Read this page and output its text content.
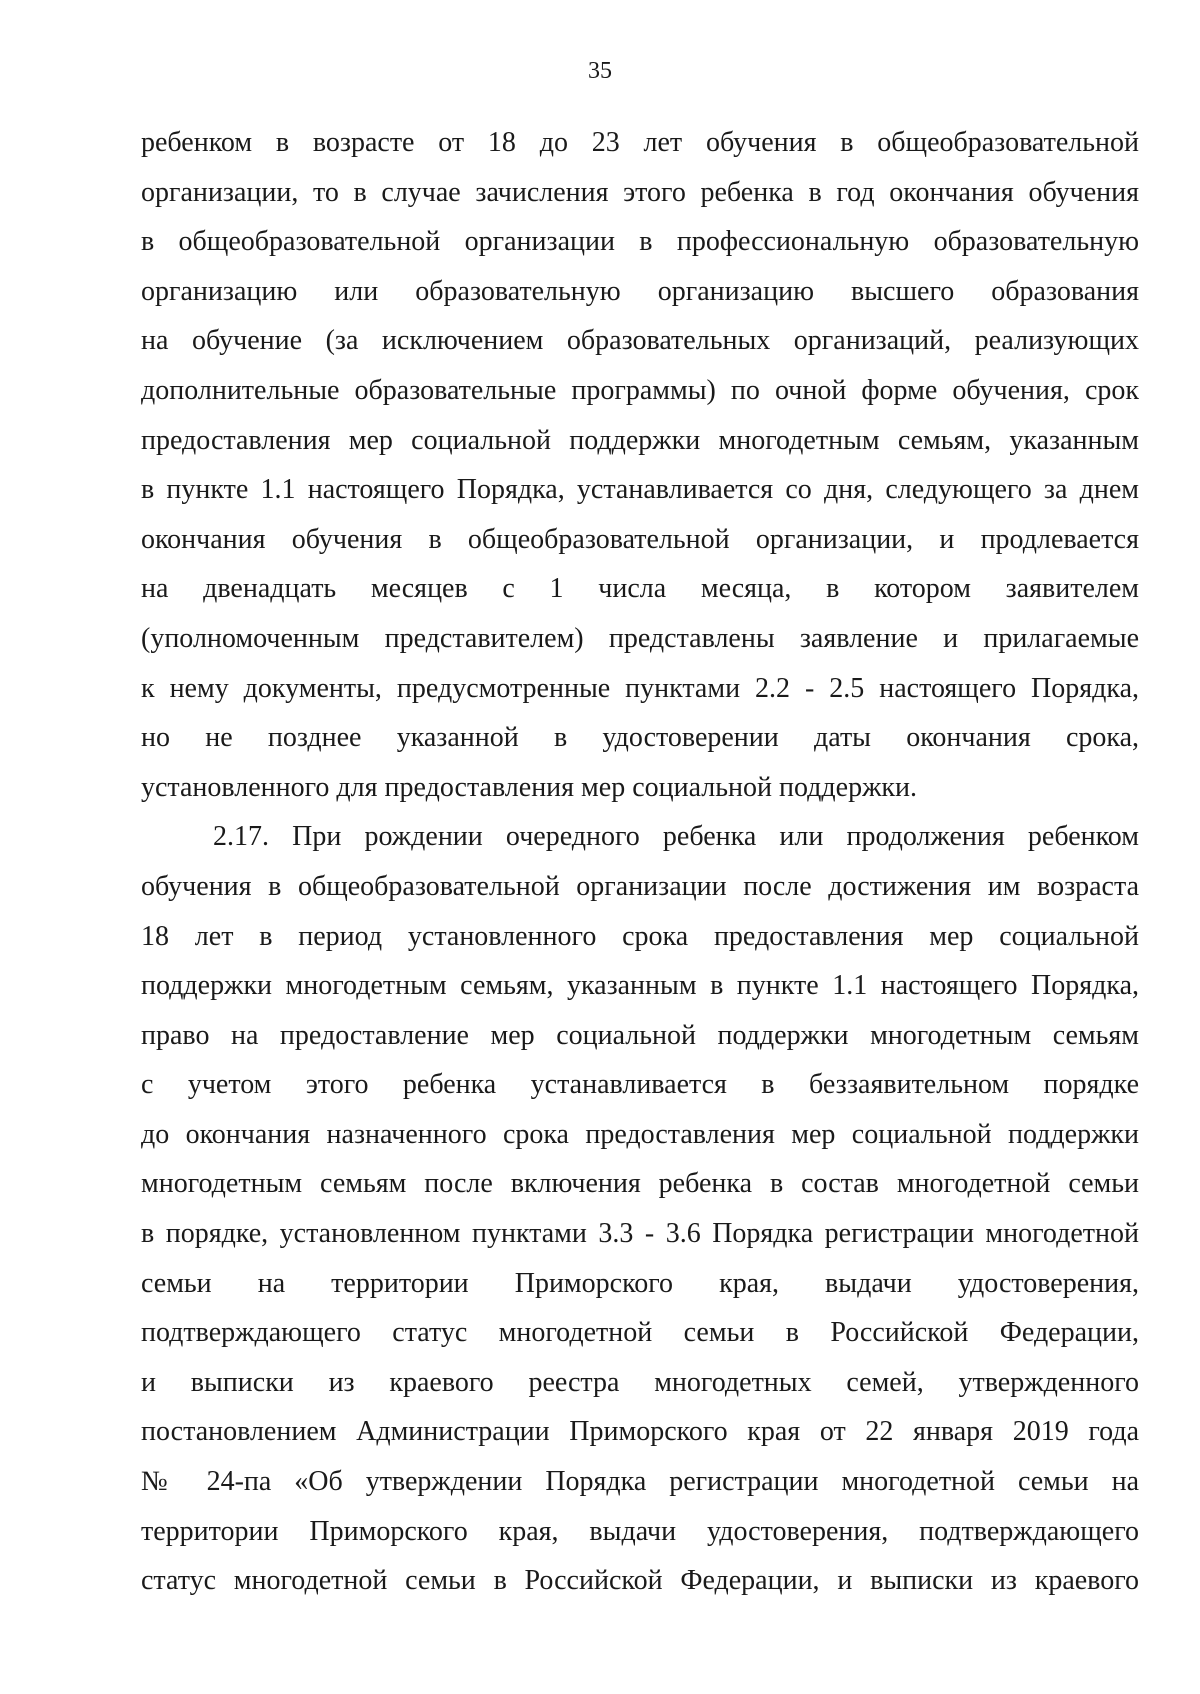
35
ребенком в возрасте от 18 до 23 лет обучения в общеобразовательной
организации, то в случае зачисления этого ребенка в год окончания обучения
в общеобразовательной организации в профессиональную образовательную
организацию или образовательную организацию высшего образования
на обучение (за исключением образовательных организаций, реализующих
дополнительные образовательные программы) по очной форме обучения, срок
предоставления мер социальной поддержки многодетным семьям, указанным
в пункте 1.1 настоящего Порядка, устанавливается со дня, следующего за днем
окончания обучения в общеобразовательной организации, и продлевается
на двенадцать месяцев с 1 числа месяца, в котором заявителем
(уполномоченным представителем) представлены заявление и прилагаемые
к нему документы, предусмотренные пунктами 2.2 - 2.5 настоящего Порядка,
но не позднее указанной в удостоверении даты окончания срока,
установленного для предоставления мер социальной поддержки.
2.17. При рождении очередного ребенка или продолжения ребенком
обучения в общеобразовательной организации после достижения им возраста
18 лет в период установленного срока предоставления мер социальной
поддержки многодетным семьям, указанным в пункте 1.1 настоящего Порядка,
право на предоставление мер социальной поддержки многодетным семьям
с учетом этого ребенка устанавливается в беззаявительном порядке
до окончания назначенного срока предоставления мер социальной поддержки
многодетным семьям после включения ребенка в состав многодетной семьи
в порядке, установленном пунктами 3.3 - 3.6 Порядка регистрации многодетной
семьи на территории Приморского края, выдачи удостоверения,
подтверждающего статус многодетной семьи в Российской Федерации,
и выписки из краевого реестра многодетных семей, утвержденного
постановлением Администрации Приморского края от 22 января 2019 года
№ 24-па «Об утверждении Порядка регистрации многодетной семьи на
территории Приморского края, выдачи удостоверения, подтверждающего
статус многодетной семьи в Российской Федерации, и выписки из краевого
